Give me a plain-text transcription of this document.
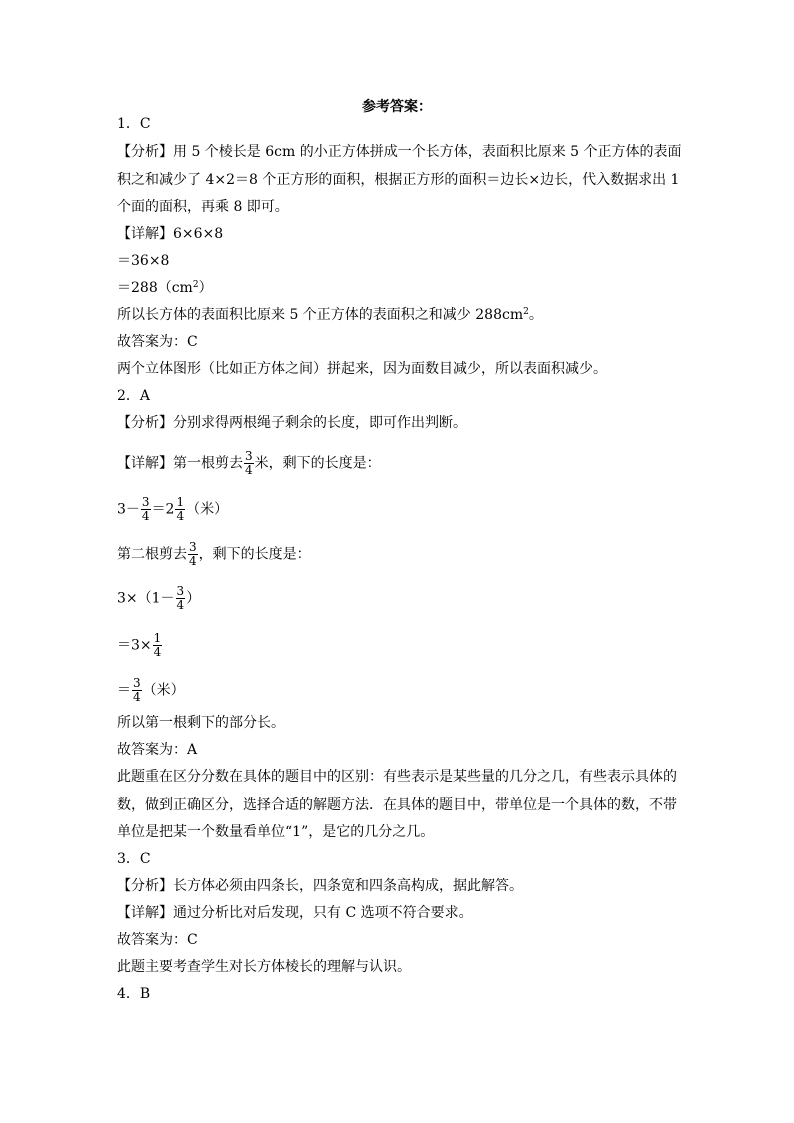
参考答案：
1．C
【分析】用 5 个棱长是 6cm 的小正方体拼成一个长方体，表面积比原来 5 个正方体的表面
积之和减少了 4×2＝8 个正方形的面积，根据正方形的面积＝边长×边长，代入数据求出 1
个面的面积，再乘 8 即可。
【详解】6×6×8
＝36×8
$=288(cm^2)$
所以长方体的表面积比原来 5 个正方体的表面积之和减少 $288cm^2$。
故答案为：C
两个立体图形（比如正方体之间）拼起来，因为面数目减少，所以表面积减少。
2．A
【分析】分别求得两根绳子剩余的长度，即可作出判断。
【详解】第一根剪去 $\frac{3}{4}$ 米，剩下的长度是：
$3- \frac{3}{4} =2 \frac{1}{4}$ （米）
第二根剪去 $\frac{3}{4}$ ，剩下的长度是：
$3\times(1- \frac{3}{4}$ ）
$=3\times \frac{1}{4}$
＝ $\frac{3}{4}$ （米）
所以第一根剩下的部分长。
故答案为：A
此题重在区分分数在具体的题目中的区别：有些表示是某些量的几分之几，有些表示具体的
数，做到正确区分，选择合适的解题方法．在具体的题目中，带单位是一个具体的数，不带
单位是把某一个数量看单位“1”，是它的几分之几。
3．C
【分析】长方体必须由四条长，四条宽和四条高构成，据此解答。
【详解】通过分析比对后发现，只有 C 选项不符合要求。
故答案为：C
此题主要考查学生对长方体棱长的理解与认识。
4．B
